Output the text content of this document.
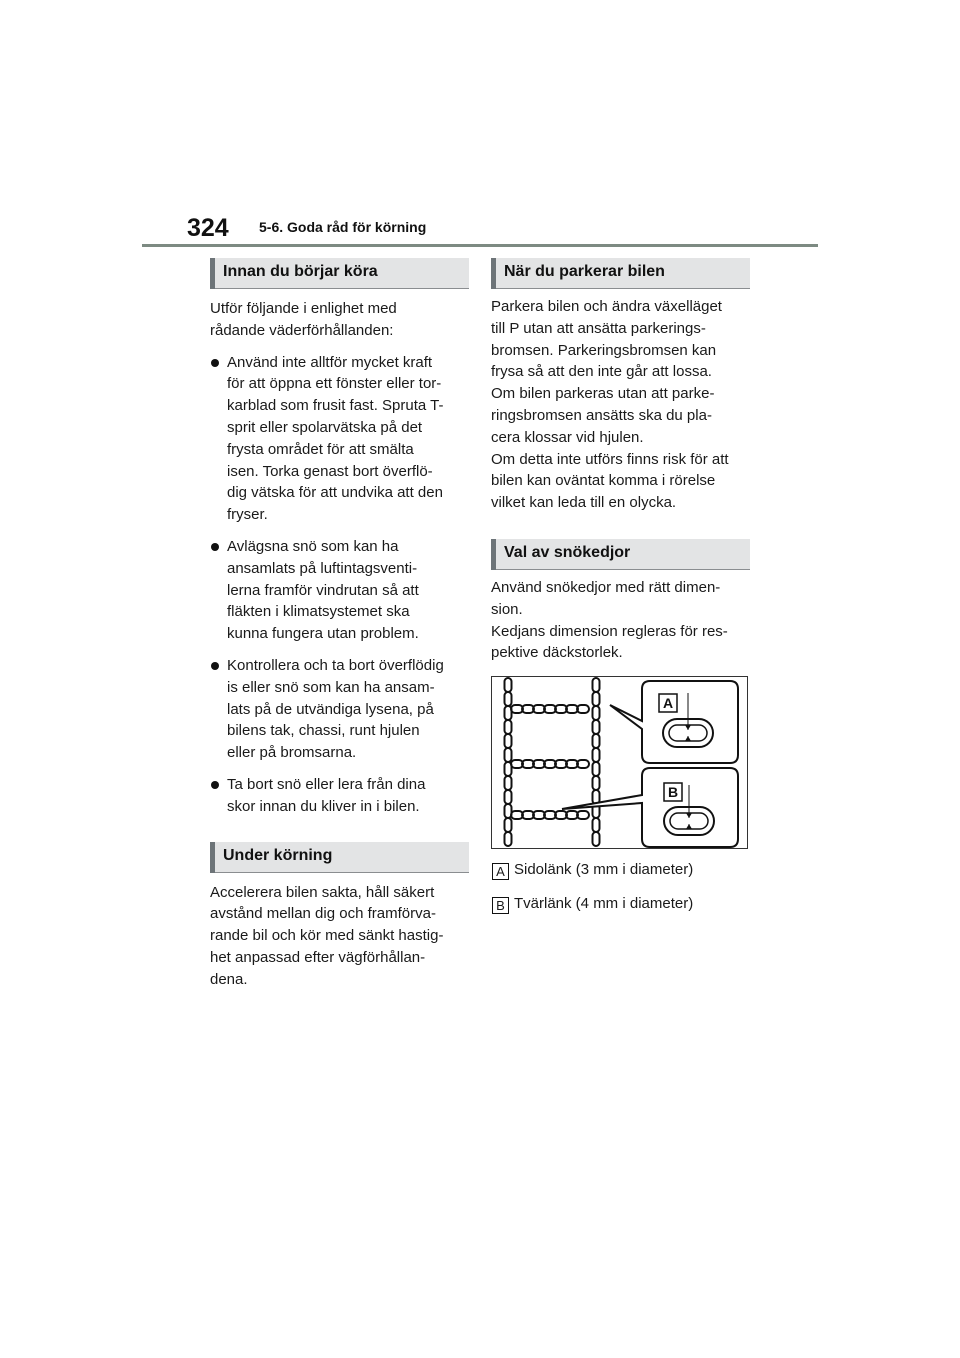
324 5-6. Goda råd för körning
Innan du börjar köra

Utför följande i enlighet med
rådande väderförhållanden:

Använd inte alltför mycket kraft
för att öppna ett fönster eller tor-
karblad som frusit fast. Spruta T-
sprit eller spolarvätska på det
frysta området för att smälta
isen. Torka genast bort överflö-
dig vätska för att undvika att den
fryser.
Avlägsna snö som kan ha
ansamlats på luftintagsventi-
lerna framför vindrutan så att
fläkten i klimatsystemet ska
kunna fungera utan problem.
Kontrollera och ta bort överflödig
is eller snö som kan ha ansam-
lats på de utvändiga lysena, på
bilens tak, chassi, runt hjulen
eller på bromsarna.
Ta bort snö eller lera från dina
skor innan du kliver in i bilen.
Under körning

Accelerera bilen sakta, håll säkert
avstånd mellan dig och framförva-
rande bil och kör med sänkt hastig-
het anpassad efter vägförhållan-
dena.

När du parkerar bilen

Parkera bilen och ändra växelläget
till P utan att ansätta parkerings-
bromsen. Parkeringsbromsen kan
frysa så att den inte går att lossa.
Om bilen parkeras utan att parke-
ringsbromsen ansätts ska du pla-
cera klossar vid hjulen.
Om detta inte utförs finns risk för att
bilen kan oväntat komma i rörelse
vilket kan leda till en olycka.

Val av snökedjor

Använd snökedjor med rätt dimen-
sion.
Kedjans dimension regleras för res-
pektive däckstorlek.

A
B
A Sidolänk (3 mm i diameter)
B Tvärlänk (4 mm i diameter)
